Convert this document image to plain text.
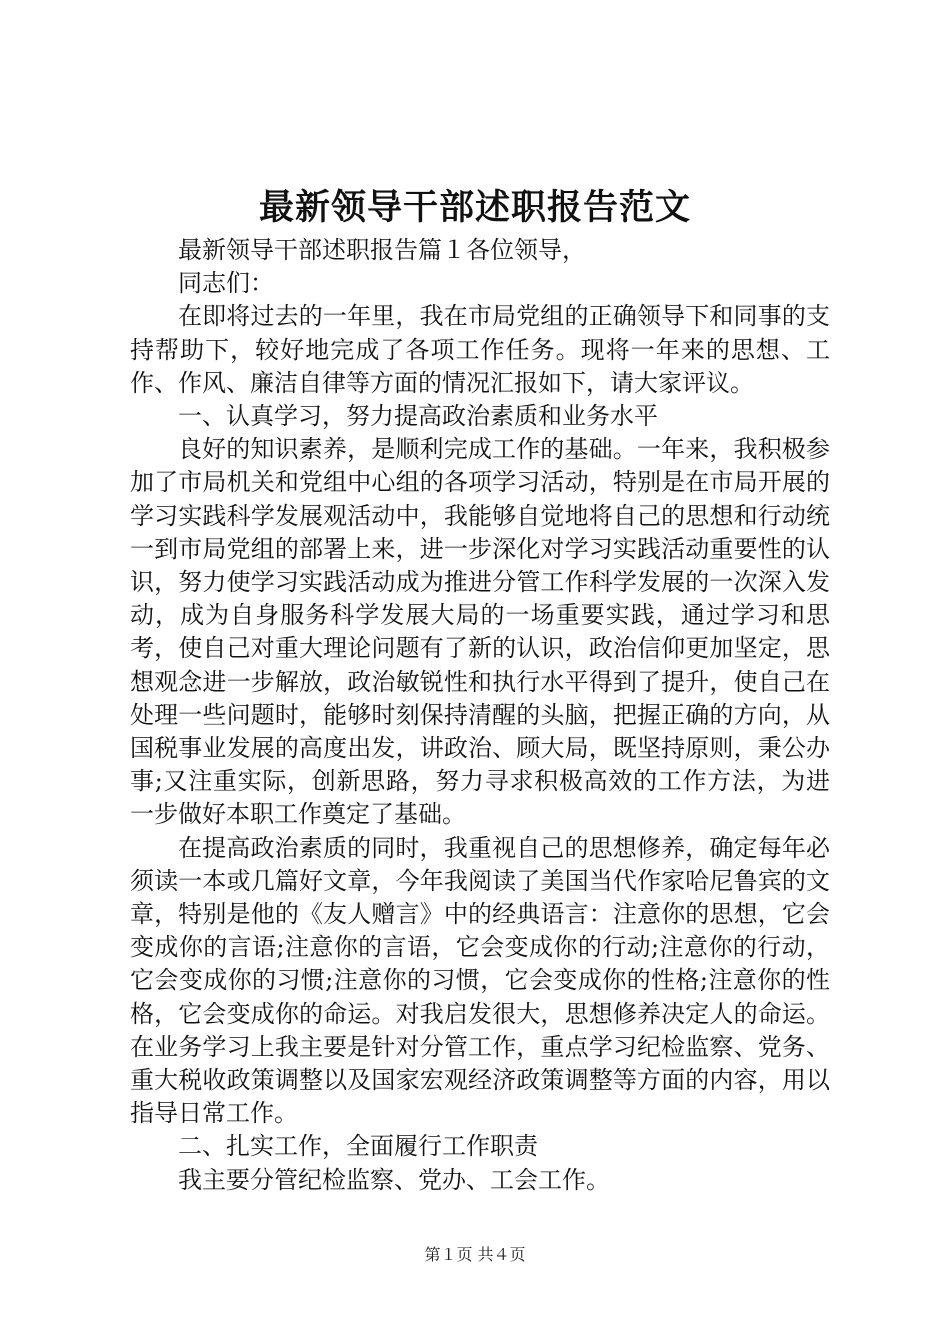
最新领导干部述职报告范文

最新领导干部述职报告篇１各位领导，

同志们：

在即将过去的一年里，我在市局党组的正确领导下和同事的支持帮助下，较好地完成了各项工作任务。现将一年来的思想、工作、作风、廉洁自律等方面的情况汇报如下，请大家评议。

一、认真学习，努力提高政治素质和业务水平

良好的知识素养，是顺利完成工作的基础。一年来，我积极参加了市局机关和党组中心组的各项学习活动，特别是在市局开展的学习实践科学发展观活动中，我能够自觉地将自己的思想和行动统一到市局党组的部署上来，进一步深化对学习实践活动重要性的认识，努力使学习实践活动成为推进分管工作科学发展的一次深入发动，成为自身服务科学发展大局的一场重要实践，通过学习和思考，使自己对重大理论问题有了新的认识，政治信仰更加坚定，思想观念进一步解放，政治敏锐性和执行水平得到了提升，使自己在处理一些问题时，能够时刻保持清醒的头脑，把握正确的方向，从国税事业发展的高度出发，讲政治、顾大局，既坚持原则，秉公办事;又注重实际，创新思路，努力寻求积极高效的工作方法，为进一步做好本职工作奠定了基础。

在提高政治素质的同时，我重视自己的思想修养，确定每年必须读一本或几篇好文章，今年我阅读了美国当代作家哈尼鲁宾的文章，特别是他的《友人赠言》中的经典语言：注意你的思想，它会变成你的言语;注意你的言语，它会变成你的行动;注意你的行动，它会变成你的习惯;注意你的习惯，它会变成你的性格;注意你的性格，它会变成你的命运。对我启发很大，思想修养决定人的命运。在业务学习上我主要是针对分管工作，重点学习纪检监察、党务、重大税收政策调整以及国家宏观经济政策调整等方面的内容，用以指导日常工作。

二、扎实工作，全面履行工作职责

我主要分管纪检监察、党办、工会工作。

第１页 共４页
